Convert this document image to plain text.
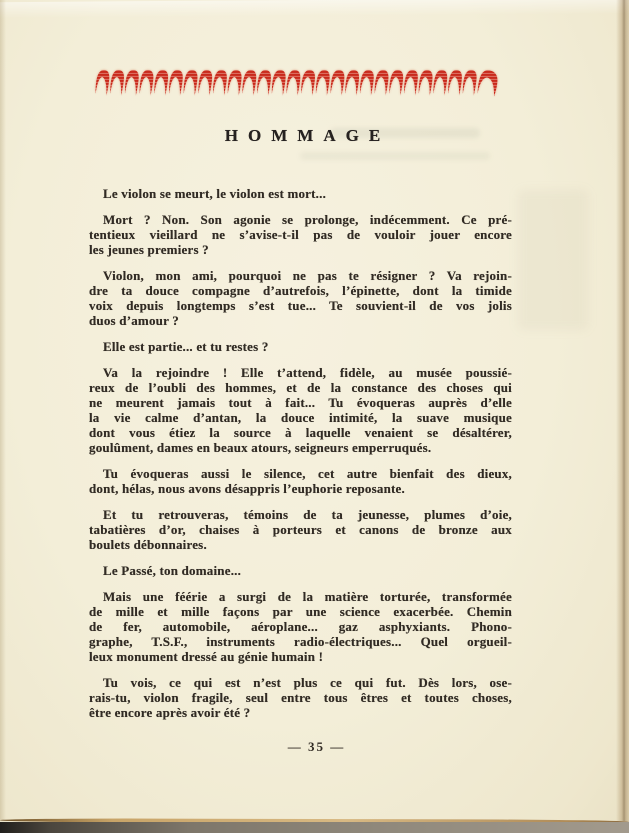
HOMMAGE

Le violon se meurt, le violon est mort...

Mort ? Non. Son agonie se prolonge, indécemment. Ce pré-
tentieux vieillard ne s’avise-t-il pas de vouloir jouer encore
les jeunes premiers ?

Violon, mon ami, pourquoi ne pas te résigner ? Va rejoin-
dre ta douce compagne d’autrefois, l’épinette, dont la timide
voix depuis longtemps s’est tue... Te souvient-il de vos jolis
duos d’amour ?

Elle est partie... et tu restes ?

Va la rejoindre ! Elle t’attend, fidèle, au musée poussié-
reux de l’oubli des hommes, et de la constance des choses qui
ne meurent jamais tout à fait... Tu évoqueras auprès d’elle
la vie calme d’antan, la douce intimité, la suave musique
dont vous étiez la source à laquelle venaient se désaltérer,
goulûment, dames en beaux atours, seigneurs emperruqués.

Tu évoqueras aussi le silence, cet autre bienfait des dieux,
dont, hélas, nous avons désappris l’euphorie reposante.

Et tu retrouveras, témoins de ta jeunesse, plumes d’oie,
tabatières d’or, chaises à porteurs et canons de bronze aux
boulets débonnaires.

Le Passé, ton domaine...

Mais une féérie a surgi de la matière torturée, transformée
de mille et mille façons par une science exacerbée. Chemin
de fer, automobile, aéroplane... gaz asphyxiants. Phono-
graphe, T.S.F., instruments radio-électriques... Quel orgueil-
leux monument dressé au génie humain !

Tu vois, ce qui est n’est plus ce qui fut. Dès lors, ose-
rais-tu, violon fragile, seul entre tous êtres et toutes choses,
être encore après avoir été ?

— 35 —
